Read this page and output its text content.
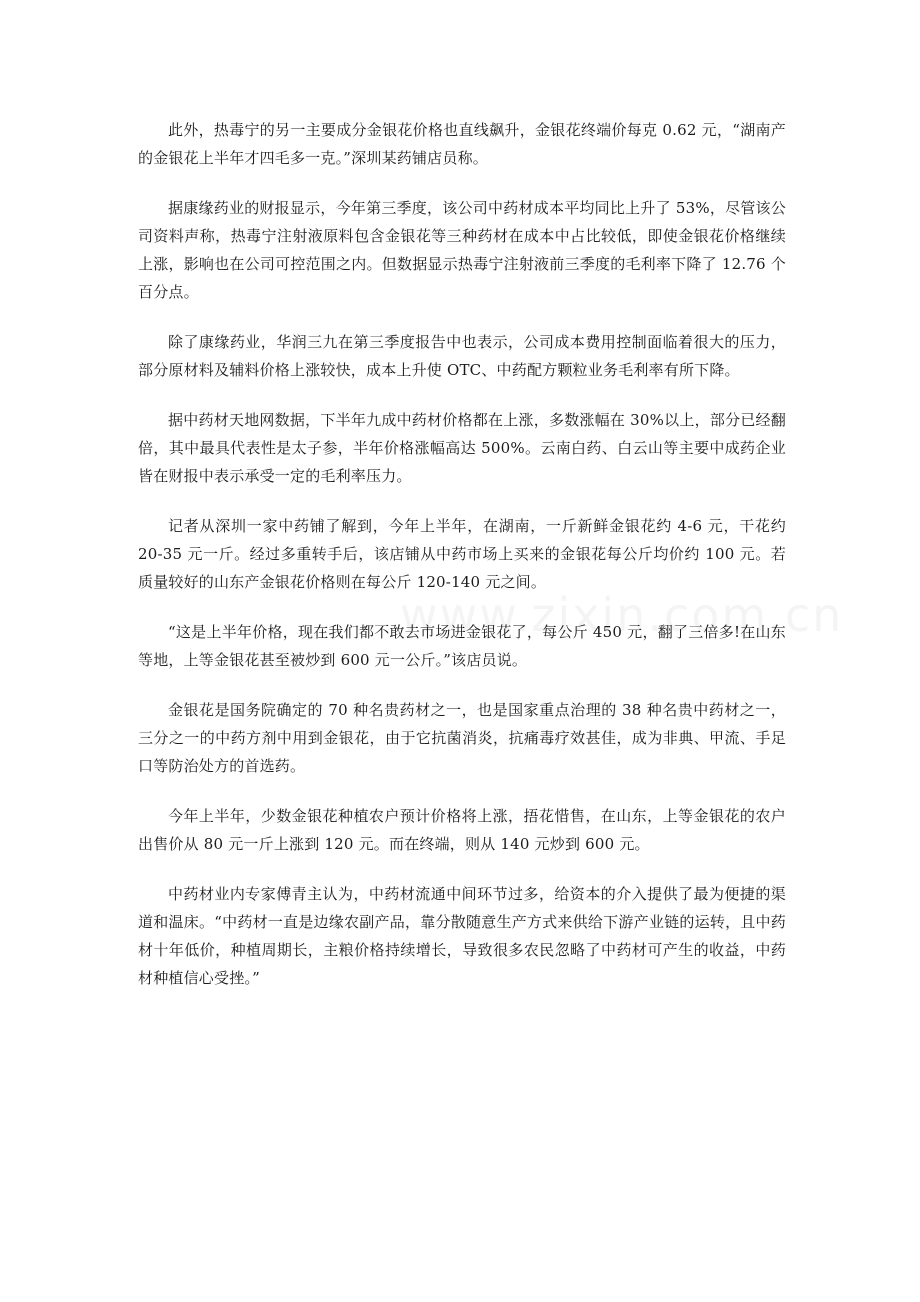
此外，热毒宁的另一主要成分金银花价格也直线飙升，金银花终端价每克 0.62 元，“湖南产的金银花上半年才四毛多一克。”深圳某药铺店员称。

据康缘药业的财报显示，今年第三季度，该公司中药材成本平均同比上升了 53%，尽管该公司资料声称，热毒宁注射液原料包含金银花等三种药材在成本中占比较低，即使金银花价格继续上涨，影响也在公司可控范围之内。但数据显示热毒宁注射液前三季度的毛利率下降了 12.76 个百分点。

除了康缘药业，华润三九在第三季度报告中也表示，公司成本费用控制面临着很大的压力，部分原材料及辅料价格上涨较快，成本上升使 OTC、中药配方颗粒业务毛利率有所下降。

据中药材天地网数据，下半年九成中药材价格都在上涨，多数涨幅在 30%以上，部分已经翻倍，其中最具代表性是太子参，半年价格涨幅高达 500%。云南白药、白云山等主要中成药企业皆在财报中表示承受一定的毛利率压力。

记者从深圳一家中药铺了解到，今年上半年，在湖南，一斤新鲜金银花约 4-6 元，干花约 20-35 元一斤。经过多重转手后，该店铺从中药市场上买来的金银花每公斤均价约 100 元。若质量较好的山东产金银花价格则在每公斤 120-140 元之间。

“这是上半年价格，现在我们都不敢去市场进金银花了，每公斤 450 元，翻了三倍多!在山东等地，上等金银花甚至被炒到 600 元一公斤。”该店员说。

金银花是国务院确定的 70 种名贵药材之一，也是国家重点治理的 38 种名贵中药材之一，三分之一的中药方剂中用到金银花，由于它抗菌消炎，抗痛毒疗效甚佳，成为非典、甲流、手足口等防治处方的首选药。

今年上半年，少数金银花种植农户预计价格将上涨，捂花惜售，在山东，上等金银花的农户出售价从 80 元一斤上涨到 120 元。而在终端，则从 140 元炒到 600 元。

中药材业内专家傅青主认为，中药材流通中间环节过多，给资本的介入提供了最为便捷的渠道和温床。“中药材一直是边缘农副产品，靠分散随意生产方式来供给下游产业链的运转，且中药材十年低价，种植周期长，主粮价格持续增长，导致很多农民忽略了中药材可产生的收益，中药材种植信心受挫。”
